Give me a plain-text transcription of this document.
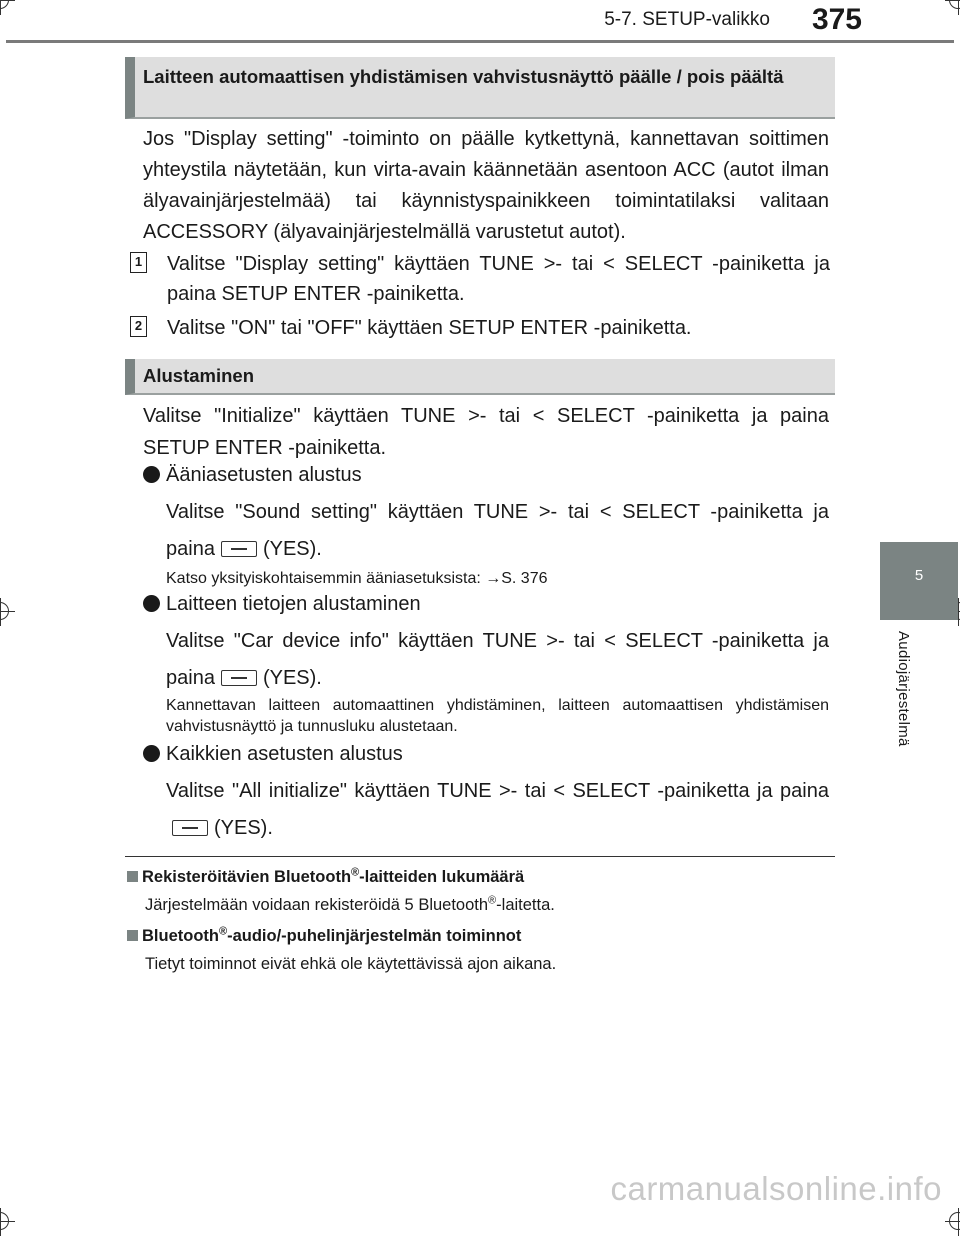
5-7. SETUP-valikko 375
5
Audiojärjestelmä
Laitteen automaattisen yhdistämisen vahvistusnäyttö päälle / pois päältä

Jos "Display setting" -toiminto on päälle kytkettynä, kannettavan soittimen yhteystila näytetään, kun virta-avain käännetään asentoon ACC (autot ilman älyavainjärjestelmää) tai käynnistyspainikkeen toimintatilaksi valitaan ACCESSORY (älyavainjärjestelmällä varustetut autot).

1 Valitse "Display setting" käyttäen TUNE >- tai < SELECT -painiketta ja paina SETUP ENTER -painiketta.
2 Valitse "ON" tai "OFF" käyttäen SETUP ENTER -painiketta.
Alustaminen

Valitse "Initialize" käyttäen TUNE >- tai < SELECT -painiketta ja paina SETUP ENTER -painiketta.

Ääniasetusten alustus

Valitse "Sound setting" käyttäen TUNE >- tai < SELECT -painiketta ja paina (YES).

Katso yksityiskohtaisemmin ääniasetuksista: →S. 376

Laitteen tietojen alustaminen

Valitse "Car device info" käyttäen TUNE >- tai < SELECT -painiketta ja paina (YES).

Kannettavan laitteen automaattinen yhdistäminen, laitteen automaattisen yhdistämisen vahvistusnäyttö ja tunnusluku alustetaan.

Kaikkien asetusten alustus

Valitse "All initialize" käyttäen TUNE >- tai < SELECT -painiketta ja paina(YES).

Rekisteröitävien Bluetooth®-laitteiden lukumäärä
Järjestelmään voidaan rekisteröidä 5 Bluetooth®-laitetta.
Bluetooth®-audio/-puhelinjärjestelmän toiminnot
Tietyt toiminnot eivät ehkä ole käytettävissä ajon aikana.
carmanualsonline.info
